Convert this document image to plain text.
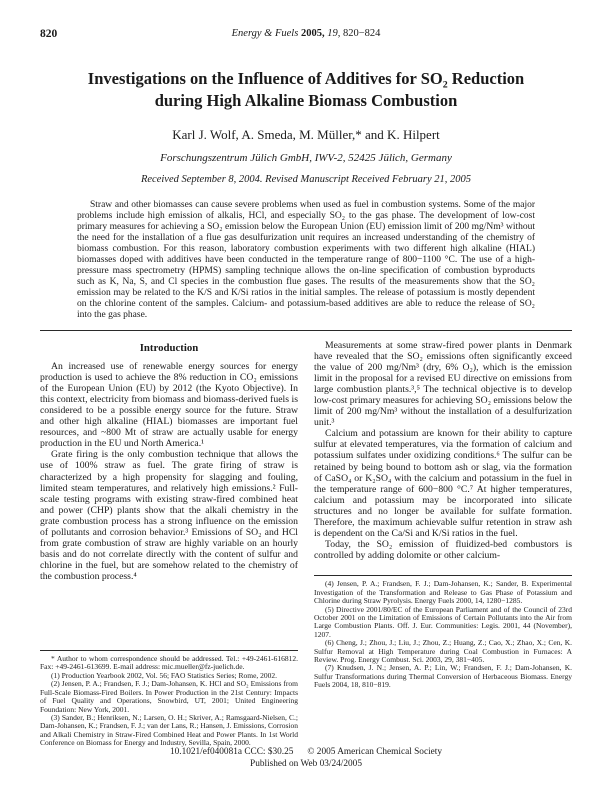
820	Energy & Fuels 2005, 19, 820−824
Investigations on the Influence of Additives for SO₂ Reduction during High Alkaline Biomass Combustion
Karl J. Wolf, A. Smeda, M. Müller,* and K. Hilpert
Forschungszentrum Jülich GmbH, IWV-2, 52425 Jülich, Germany
Received September 8, 2004. Revised Manuscript Received February 21, 2005

Straw and other biomasses can cause severe problems when used as fuel in combustion systems. Some of the major problems include high emission of alkalis, HCl, and especially SO₂ to the gas phase. The development of low-cost primary measures for achieving a SO₂ emission below the European Union (EU) emission limit of 200 mg/Nm³ without the need for the installation of a flue gas desulfurization unit requires an increased understanding of the chemistry of biomass combustion. For this reason, laboratory combustion experiments with two different high alkaline (HIAL) biomasses doped with additives have been conducted in the temperature range of 800−1100 °C. The use of a high-pressure mass spectrometry (HPMS) sampling technique allows the on-line specification of combustion byproducts such as K, Na, S, and Cl species in the combustion flue gases. The results of the measurements show that the SO₂ emission may be related to the K/S and K/Si ratios in the initial samples. The release of potassium is mostly dependent on the chlorine content of the samples. Calcium- and potassium-based additives are able to reduce the release of SO₂ into the gas phase.

Introduction

An increased use of renewable energy sources for energy production is used to achieve the 8% reduction in CO₂ emissions of the European Union (EU) by 2012 (the Kyoto Objective). In this context, electricity from biomass and biomass-derived fuels is considered to be a possible energy source for the future. Straw and other high alkaline (HIAL) biomasses are important fuel resources, and ~800 Mt of straw are actually usable for energy production in the EU und North America.¹

Grate firing is the only combustion technique that allows the use of 100% straw as fuel. The grate firing of straw is characterized by a high propensity for slagging and fouling, limited steam temperatures, and relatively high emissions.² Full-scale testing programs with existing straw-fired combined heat and power (CHP) plants show that the alkali chemistry in the grate combustion process has a strong influence on the emission of pollutants and corrosion behavior.³ Emissions of SO₂ and HCl from grate combustion of straw are highly variable on an hourly basis and do not correlate directly with the content of sulfur and chlorine in the fuel, but are somehow related to the chemistry of the combustion process.⁴

* Author to whom correspondence should be addressed. Tel.: +49-2461-616812. Fax: +49-2461-613699. E-mail address: mic.mueller@fz-juelich.de.

(1) Production Yearbook 2002, Vol. 56; FAO Statistics Series; Rome, 2002.

(2) Jensen, P. A.; Frandsen, F. J.; Dam-Johansen, K. HCl and SO₂ Emissions from Full-Scale Biomass-Fired Boilers. In Power Production in the 21st Century: Impacts of Fuel Quality and Operations, Snowbird, UT, 2001; United Engineering Foundation: New York, 2001.

(3) Sander, B.; Henriksen, N.; Larsen, O. H.; Skriver, A.; Ramsgaard-Nielsen, C.; Dam-Johansen, K.; Frandsen, F. J.; van der Lans, R.; Hansen, J. Emissions, Corrosion and Alkali Chemistry in Straw-Fired Combined Heat and Power Plants. In 1st World Conference on Biomass for Energy and Industry, Sevilla, Spain, 2000.

Measurements at some straw-fired power plants in Denmark have revealed that the SO₂ emissions often significantly exceed the value of 200 mg/Nm³ (dry, 6% O₂), which is the emission limit in the proposal for a revised EU directive on emissions from large combustion plants.³,⁵ The technical objective is to develop low-cost primary measures for achieving SO₂ emissions below the limit of 200 mg/Nm³ without the installation of a desulfurization unit.³

Calcium and potassium are known for their ability to capture sulfur at elevated temperatures, via the formation of calcium and potassium sulfates under oxidizing conditions.⁶ The sulfur can be retained by being bound to bottom ash or slag, via the formation of CaSO₄ or K₂SO₄ with the calcium and potassium in the fuel in the temperature range of 600−800 °C.⁷ At higher temperatures, calcium and potassium may be incorporated into silicate structures and no longer be available for sulfate formation. Therefore, the maximum achievable sulfur retention in straw ash is dependent on the Ca/Si and K/Si ratios in the fuel.

Today, the SO₂ emission of fluidized-bed combustors is controlled by adding dolomite or other calcium-

(4) Jensen, P. A.; Frandsen, F. J.; Dam-Johansen, K.; Sander, B. Experimental Investigation of the Transformation and Release to Gas Phase of Potassium and Chlorine during Straw Pyrolysis. Energy Fuels 2000, 14, 1280−1285.

(5) Directive 2001/80/EC of the European Parliament and of the Council of 23rd October 2001 on the Limitation of Emissions of Certain Pollutants into the Air from Large Combustion Plants. Off. J. Eur. Communities: Legis. 2001, 44 (November), 1207.

(6) Cheng, J.; Zhou, J.; Liu, J.; Zhou, Z.; Huang, Z.; Cao, X.; Zhao, X.; Cen, K. Sulfur Removal at High Temperature during Coal Combustion in Furnaces: A Review. Prog. Energy Combust. Sci. 2003, 29, 381−405.

(7) Knudsen, J. N.; Jensen, A. P.; Lin, W.; Frandsen, F. J.; Dam-Johansen, K. Sulfur Transformations during Thermal Conversion of Herbaceous Biomass. Energy Fuels 2004, 18, 810−819.

10.1021/ef040081a CCC: $30.25 © 2005 American Chemical Society
Published on Web 03/24/2005
